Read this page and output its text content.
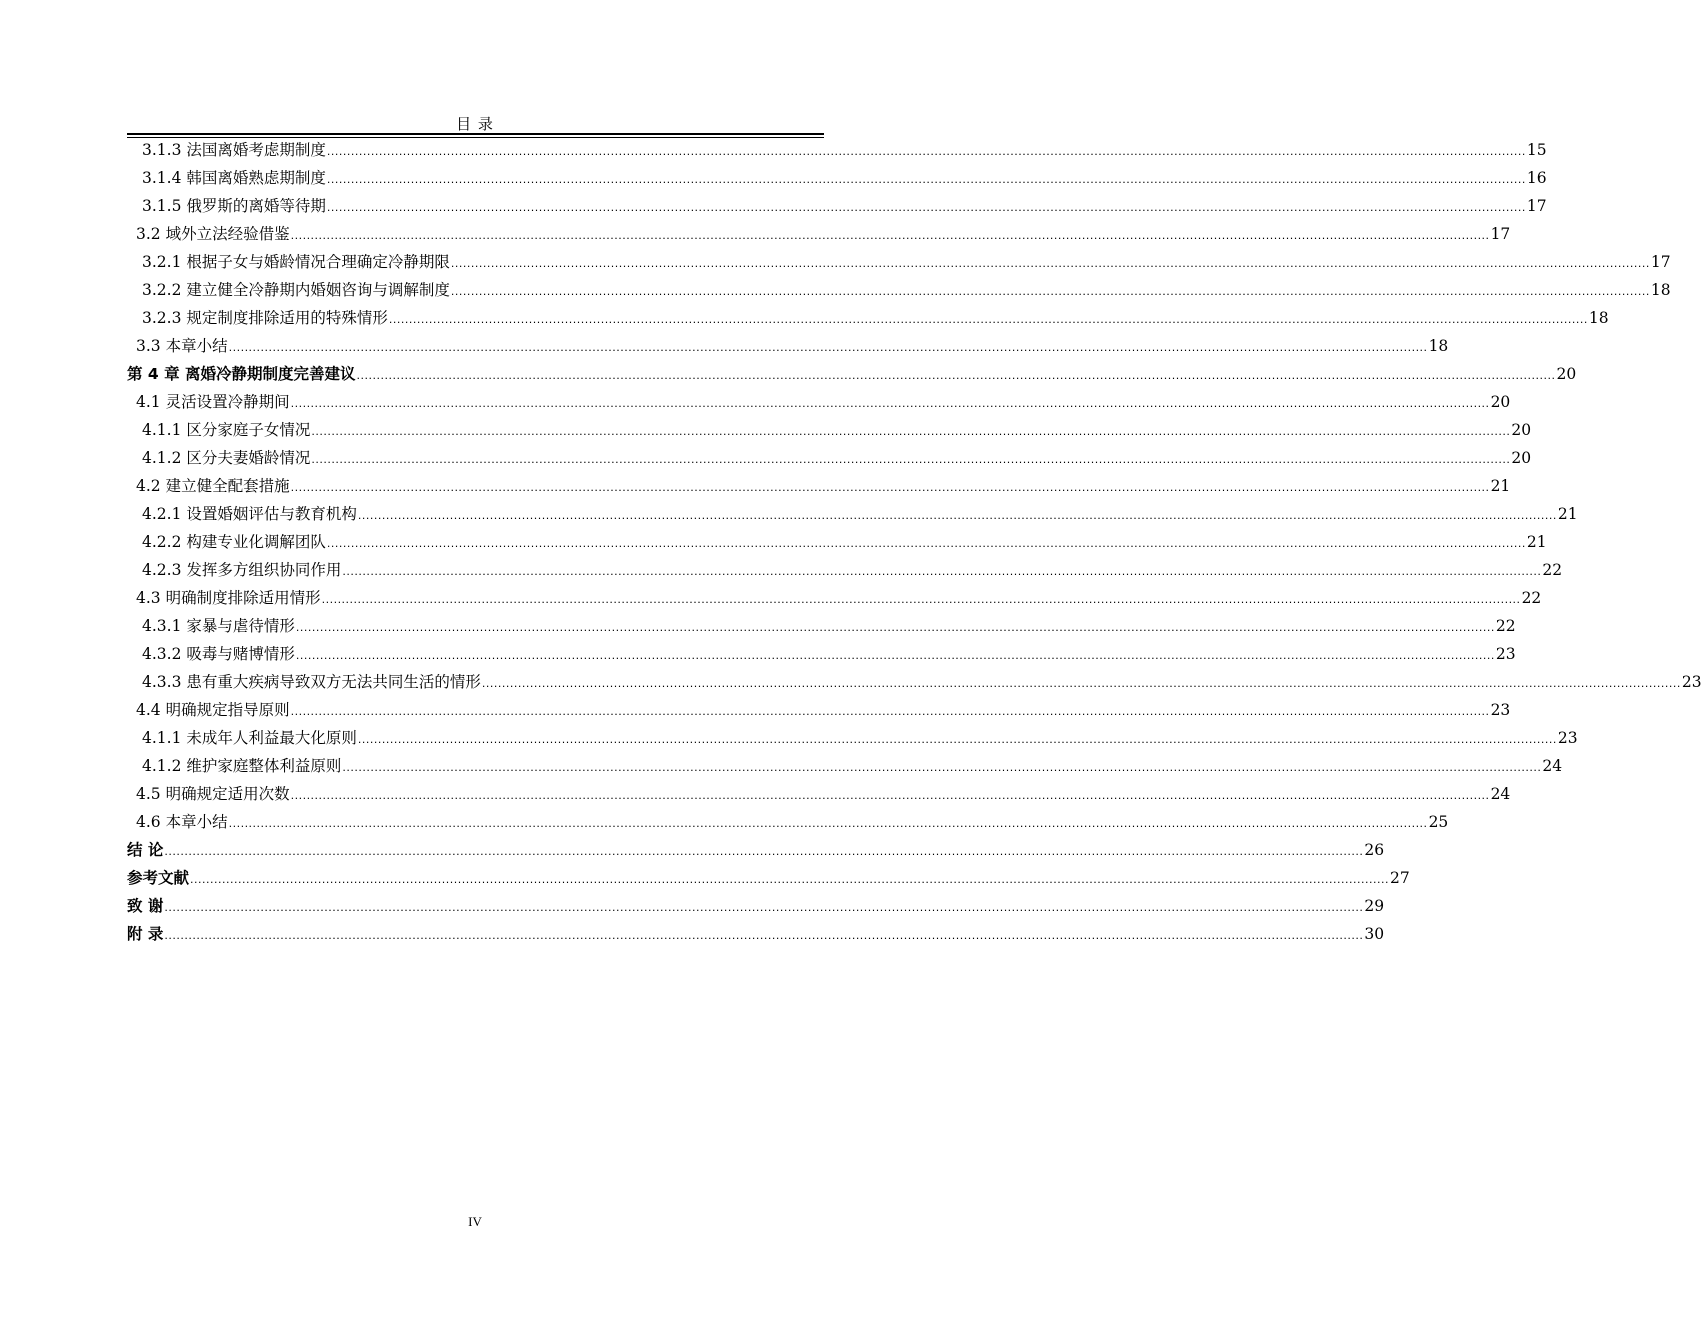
目 录
3.1.3 法国离婚考虑期制度 ............................................................................................................................................................................................................................................................................................................ 15
3.1.4 韩国离婚熟虑期制度 ............................................................................................................................................................................................................................................................................................................ 16
3.1.5 俄罗斯的离婚等待期 ............................................................................................................................................................................................................................................................................................................ 17
3.2 域外立法经验借鉴 ............................................................................................................................................................................................................................................................................................................ 17
3.2.1 根据子女与婚龄情况合理确定冷静期限 ............................................................................................................................................................................................................................................................................................................ 17
3.2.2 建立健全冷静期内婚姻咨询与调解制度 ............................................................................................................................................................................................................................................................................................................ 18
3.2.3 规定制度排除适用的特殊情形 ............................................................................................................................................................................................................................................................................................................ 18
3.3 本章小结 ............................................................................................................................................................................................................................................................................................................ 18
第 4 章 离婚冷静期制度完善建议 ............................................................................................................................................................................................................................................................................................................ 20
4.1 灵活设置冷静期间 ............................................................................................................................................................................................................................................................................................................ 20
4.1.1 区分家庭子女情况 ............................................................................................................................................................................................................................................................................................................ 20
4.1.2 区分夫妻婚龄情况 ............................................................................................................................................................................................................................................................................................................ 20
4.2 建立健全配套措施 ............................................................................................................................................................................................................................................................................................................ 21
4.2.1 设置婚姻评估与教育机构 ............................................................................................................................................................................................................................................................................................................ 21
4.2.2 构建专业化调解团队 ............................................................................................................................................................................................................................................................................................................ 21
4.2.3 发挥多方组织协同作用 ............................................................................................................................................................................................................................................................................................................ 22
4.3 明确制度排除适用情形 ............................................................................................................................................................................................................................................................................................................ 22
4.3.1 家暴与虐待情形 ............................................................................................................................................................................................................................................................................................................ 22
4.3.2 吸毒与赌博情形 ............................................................................................................................................................................................................................................................................................................ 23
4.3.3 患有重大疾病导致双方无法共同生活的情形 ............................................................................................................................................................................................................................................................................................................ 23
4.4 明确规定指导原则 ............................................................................................................................................................................................................................................................................................................ 23
4.1.1 未成年人利益最大化原则 ............................................................................................................................................................................................................................................................................................................ 23
4.1.2 维护家庭整体利益原则 ............................................................................................................................................................................................................................................................................................................ 24
4.5 明确规定适用次数 ............................................................................................................................................................................................................................................................................................................ 24
4.6 本章小结 ............................................................................................................................................................................................................................................................................................................ 25
结 论 ............................................................................................................................................................................................................................................................................................................ 26
参考文献 ............................................................................................................................................................................................................................................................................................................ 27
致 谢 ............................................................................................................................................................................................................................................................................................................ 29
附 录 ............................................................................................................................................................................................................................................................................................................ 30
IV
